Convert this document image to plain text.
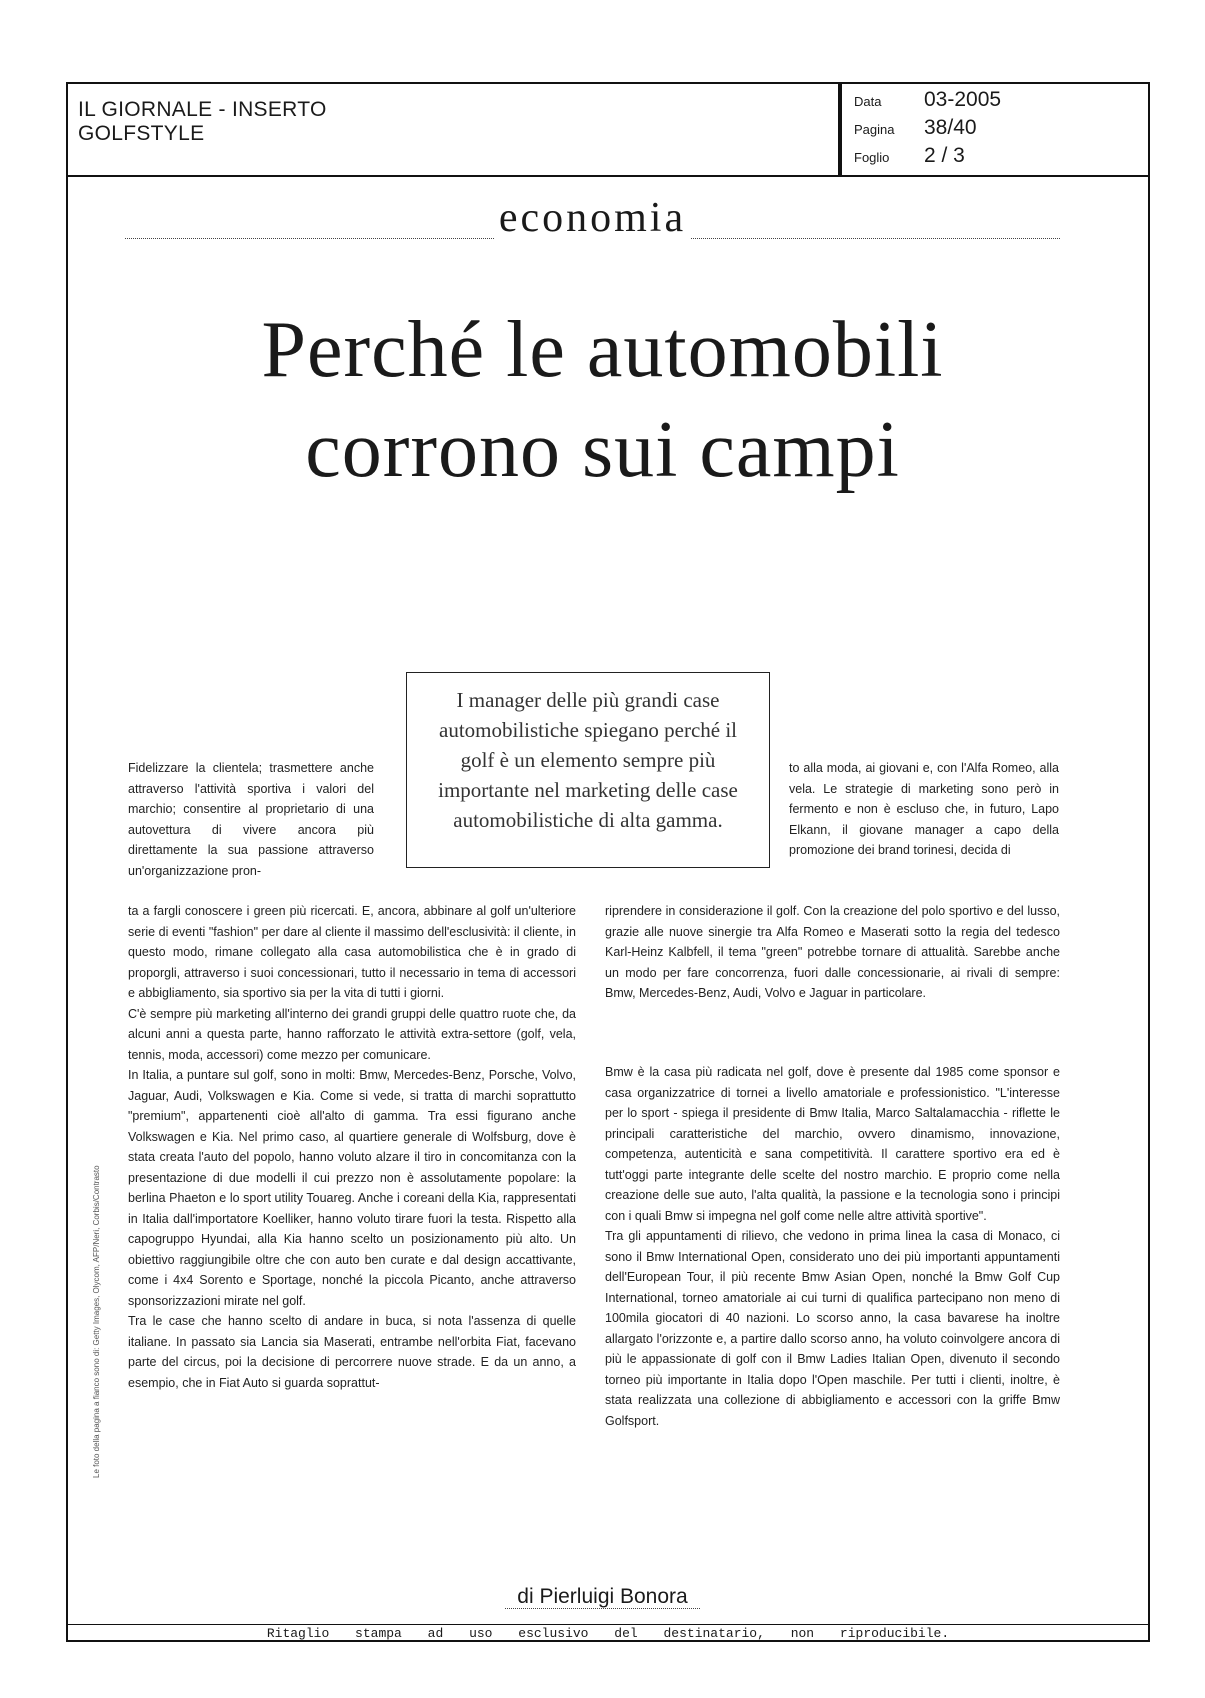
IL GIORNALE - INSERTO
GOLFSTYLE
Data 03-2005
Pagina 38/40
Foglio 2 / 3
economia
Perché le automobili
corrono sui campi
I manager delle più grandi case automobilistiche spiegano perché il golf è un elemento sempre più importante nel marketing delle case automobilistiche di alta gamma.

Fidelizzare la clientela; trasmettere anche attraverso l'attività sportiva i valori del marchio; consentire al proprietario di una autovettura di vivere ancora più direttamente la sua passione attraverso un'organizzazione pron-

ta a fargli conoscere i green più ricercati. E, ancora, abbinare al golf un'ulteriore serie di eventi "fashion" per dare al cliente il massimo dell'esclusività: il cliente, in questo modo, rimane collegato alla casa automobilistica che è in grado di proporgli, attraverso i suoi concessionari, tutto il necessario in tema di accessori e abbigliamento, sia sportivo sia per la vita di tutti i giorni.

C'è sempre più marketing all'interno dei grandi gruppi delle quattro ruote che, da alcuni anni a questa parte, hanno rafforzato le attività extra-settore (golf, vela, tennis, moda, accessori) come mezzo per comunicare.

In Italia, a puntare sul golf, sono in molti: Bmw, Mercedes-Benz, Porsche, Volvo, Jaguar, Audi, Volkswagen e Kia. Come si vede, si tratta di marchi soprattutto "premium", appartenenti cioè all'alto di gamma. Tra essi figurano anche Volkswagen e Kia. Nel primo caso, al quartiere generale di Wolfsburg, dove è stata creata l'auto del popolo, hanno voluto alzare il tiro in concomitanza con la presentazione di due modelli il cui prezzo non è assolutamente popolare: la berlina Phaeton e lo sport utility Touareg. Anche i coreani della Kia, rappresentati in Italia dall'importatore Koelliker, hanno voluto tirare fuori la testa. Rispetto alla capogruppo Hyundai, alla Kia hanno scelto un posizionamento più alto. Un obiettivo raggiungibile oltre che con auto ben curate e dal design accattivante, come i 4x4 Sorento e Sportage, nonché la piccola Picanto, anche attraverso sponsorizzazioni mirate nel golf.

Tra le case che hanno scelto di andare in buca, si nota l'assenza di quelle italiane. In passato sia Lancia sia Maserati, entrambe nell'orbita Fiat, facevano parte del circus, poi la decisione di percorrere nuove strade. E da un anno, a esempio, che in Fiat Auto si guarda soprattut-

to alla moda, ai giovani e, con l'Alfa Romeo, alla vela. Le strategie di marketing sono però in fermento e non è escluso che, in futuro, Lapo Elkann, il giovane manager a capo della promozione dei brand torinesi, decida di

riprendere in considerazione il golf. Con la creazione del polo sportivo e del lusso, grazie alle nuove sinergie tra Alfa Romeo e Maserati sotto la regia del tedesco Karl-Heinz Kalbfell, il tema "green" potrebbe tornare di attualità. Sarebbe anche un modo per fare concorrenza, fuori dalle concessionarie, ai rivali di sempre: Bmw, Mercedes-Benz, Audi, Volvo e Jaguar in particolare.

Bmw è la casa più radicata nel golf, dove è presente dal 1985 come sponsor e casa organizzatrice di tornei a livello amatoriale e professionistico. "L'interesse per lo sport - spiega il presidente di Bmw Italia, Marco Saltalamacchia - riflette le principali caratteristiche del marchio, ovvero dinamismo, innovazione, competenza, autenticità e sana competitività. Il carattere sportivo era ed è tutt'oggi parte integrante delle scelte del nostro marchio. E proprio come nella creazione delle sue auto, l'alta qualità, la passione e la tecnologia sono i principi con i quali Bmw si impegna nel golf come nelle altre attività sportive".

Tra gli appuntamenti di rilievo, che vedono in prima linea la casa di Monaco, ci sono il Bmw International Open, considerato uno dei più importanti appuntamenti dell'European Tour, il più recente Bmw Asian Open, nonché la Bmw Golf Cup International, torneo amatoriale ai cui turni di qualifica partecipano non meno di 100mila giocatori di 40 nazioni. Lo scorso anno, la casa bavarese ha inoltre allargato l'orizzonte e, a partire dallo scorso anno, ha voluto coinvolgere ancora di più le appassionate di golf con il Bmw Ladies Italian Open, divenuto il secondo torneo più importante in Italia dopo l'Open maschile. Per tutti i clienti, inoltre, è stata realizzata una collezione di abbigliamento e accessori con la griffe Bmw Golfsport.

Le foto della pagina a fianco sono di: Getty Images, Olycom, AFP/Neri, Corbis/Contrasto
di Pierluigi Bonora
Ritaglio stampa ad uso esclusivo del destinatario, non riproducibile.
